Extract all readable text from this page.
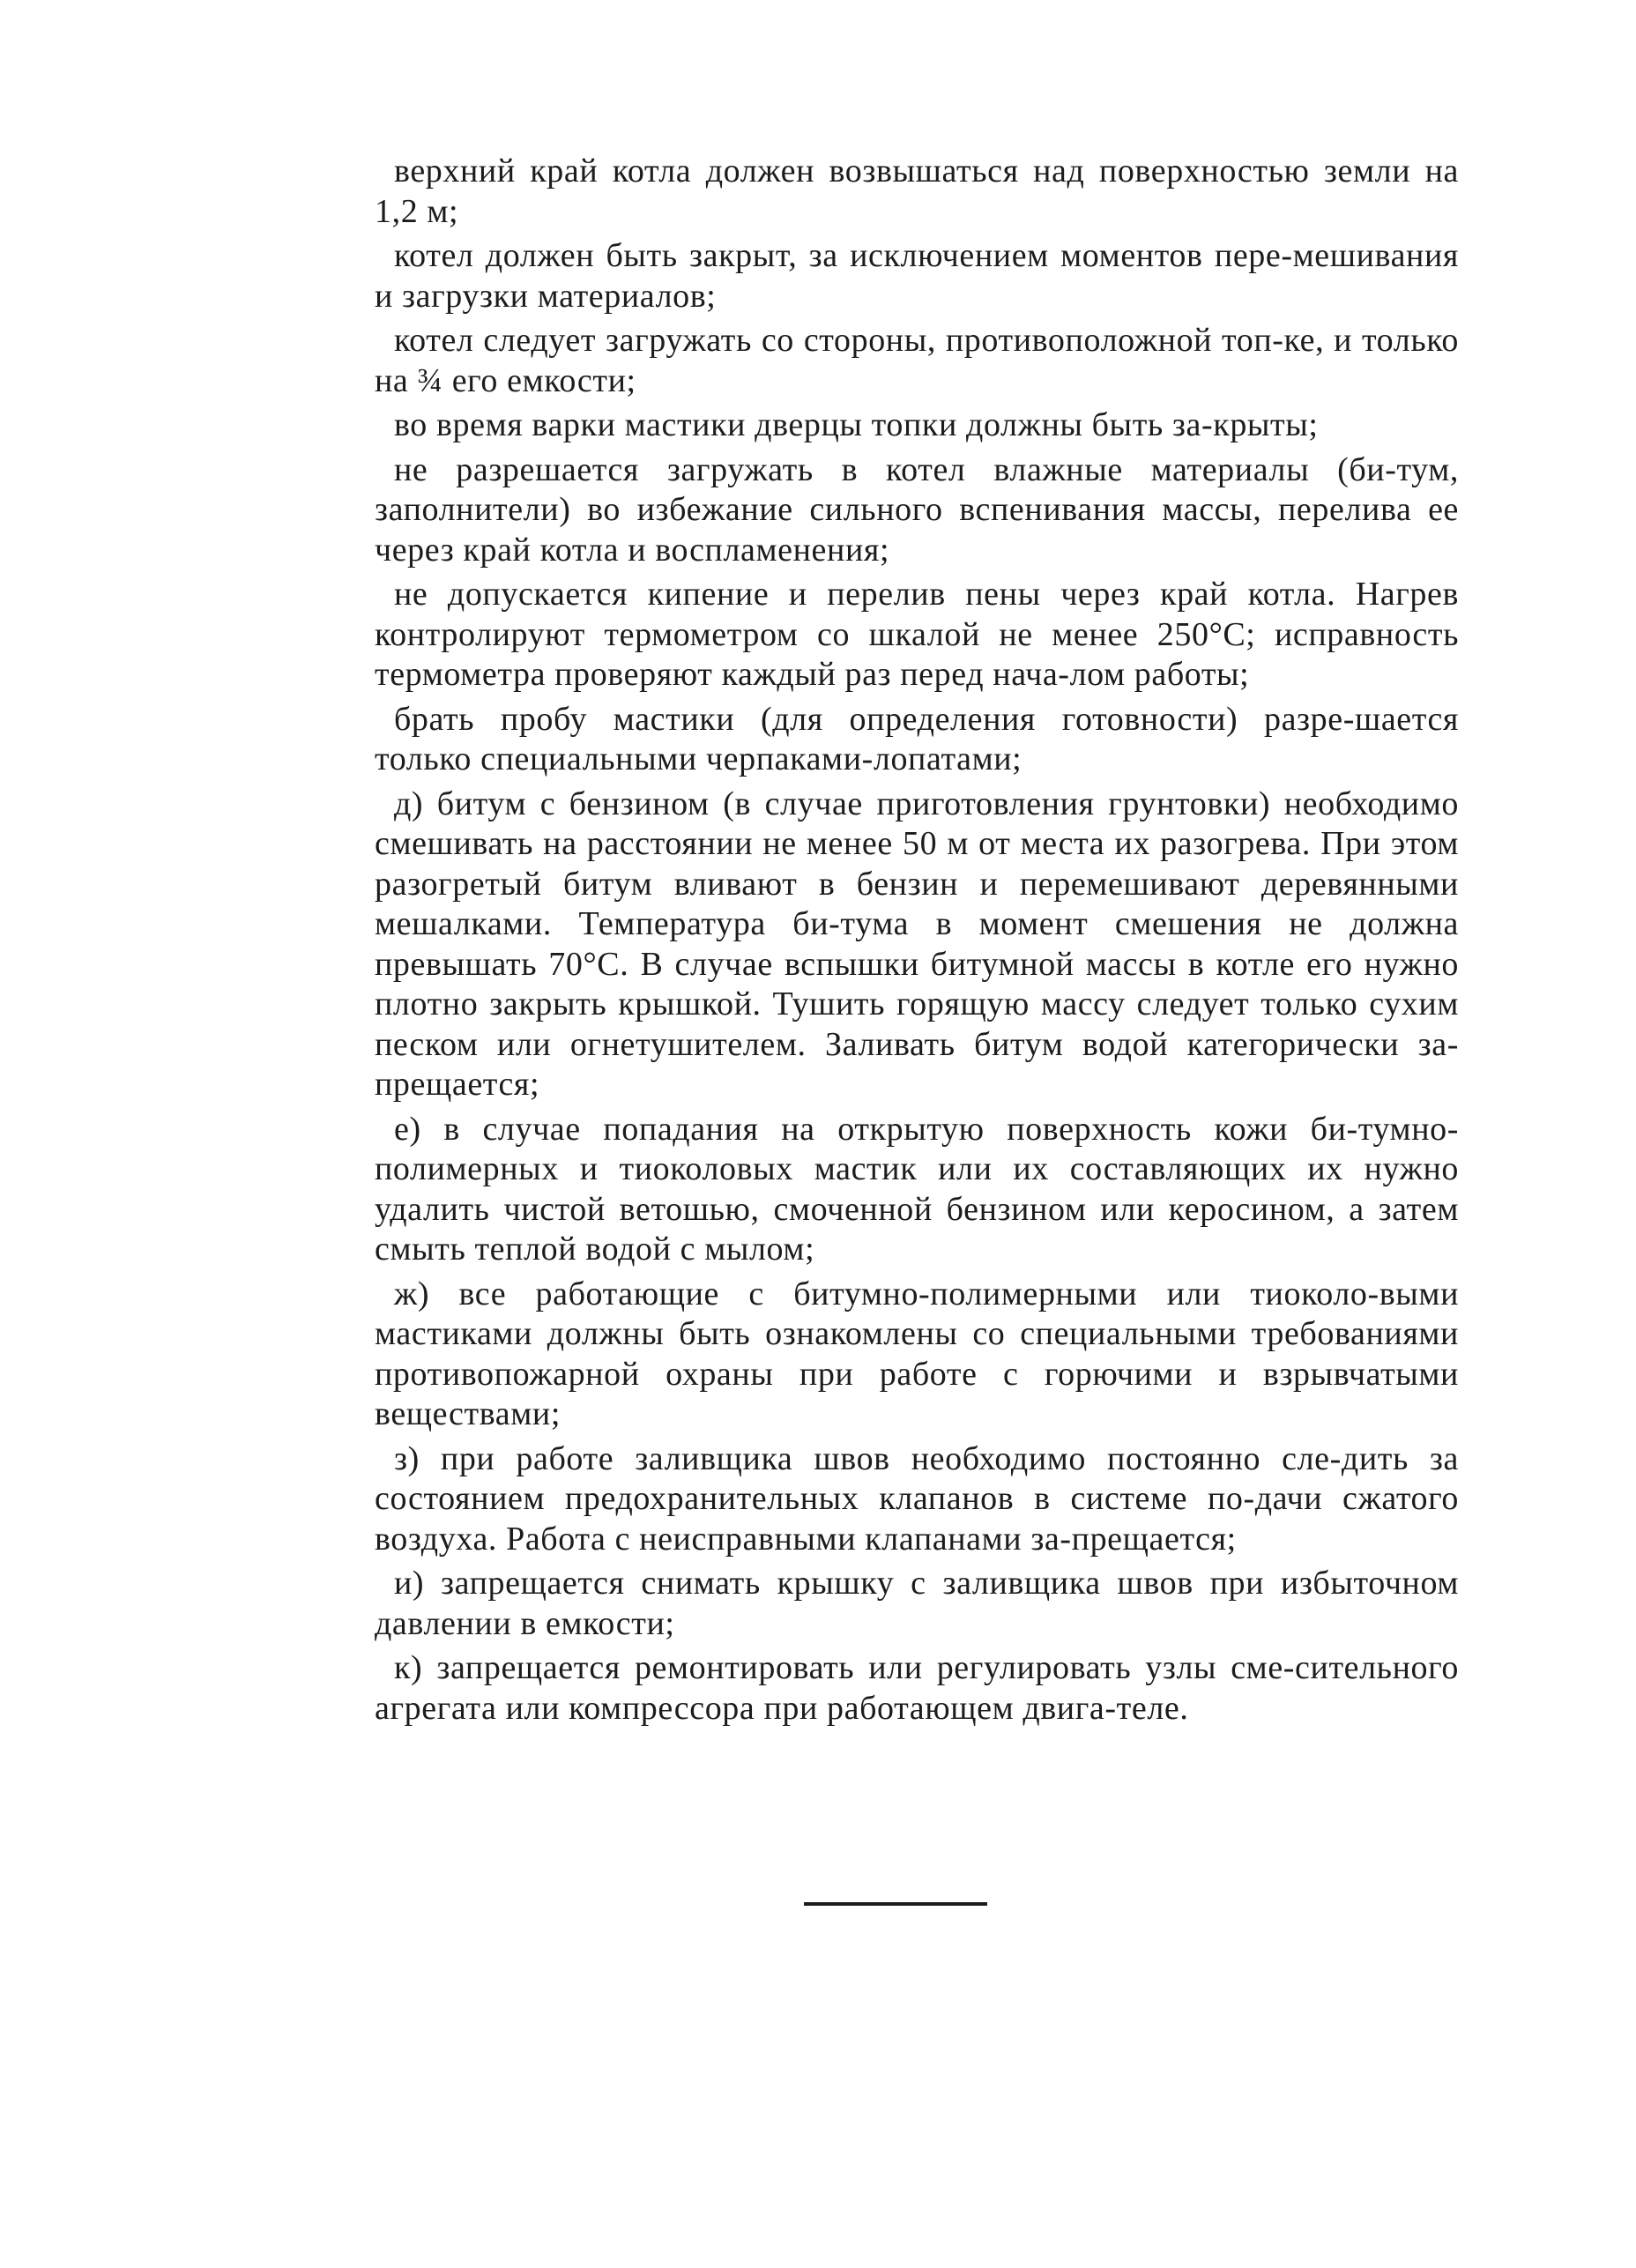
верхний край котла должен возвышаться над поверхностью земли на 1,2 м;

котел должен быть закрыт, за исключением моментов пере-мешивания и загрузки материалов;

котел следует загружать со стороны, противоположной топ-ке, и только на ¾ его емкости;

во время варки мастики дверцы топки должны быть за-крыты;

не разрешается загружать в котел влажные материалы (би-тум, заполнители) во избежание сильного вспенивания массы, перелива ее через край котла и воспламенения;

не допускается кипение и перелив пены через край котла. Нагрев контролируют термометром со шкалой не менее 250°С; исправность термометра проверяют каждый раз перед нача-лом работы;

брать пробу мастики (для определения готовности) разре-шается только специальными черпаками-лопатами;

д) битум с бензином (в случае приготовления грунтовки) необходимо смешивать на расстоянии не менее 50 м от места их разогрева. При этом разогретый битум вливают в бензин и перемешивают деревянными мешалками. Температура би-тума в момент смешения не должна превышать 70°С. В случае вспышки битумной массы в котле его нужно плотно закрыть крышкой. Тушить горящую массу следует только сухим песком или огнетушителем. Заливать битум водой категорически за-прещается;

е) в случае попадания на открытую поверхность кожи би-тумно-полимерных и тиоколовых мастик или их составляющих их нужно удалить чистой ветошью, смоченной бензином или керосином, а затем смыть теплой водой с мылом;

ж) все работающие с битумно-полимерными или тиоколо-выми мастиками должны быть ознакомлены со специальными требованиями противопожарной охраны при работе с горючими и взрывчатыми веществами;

з) при работе заливщика швов необходимо постоянно сле-дить за состоянием предохранительных клапанов в системе по-дачи сжатого воздуха. Работа с неисправными клапанами за-прещается;

и) запрещается снимать крышку с заливщика швов при избыточном давлении в емкости;

к) запрещается ремонтировать или регулировать узлы сме-сительного агрегата или компрессора при работающем двига-теле.
